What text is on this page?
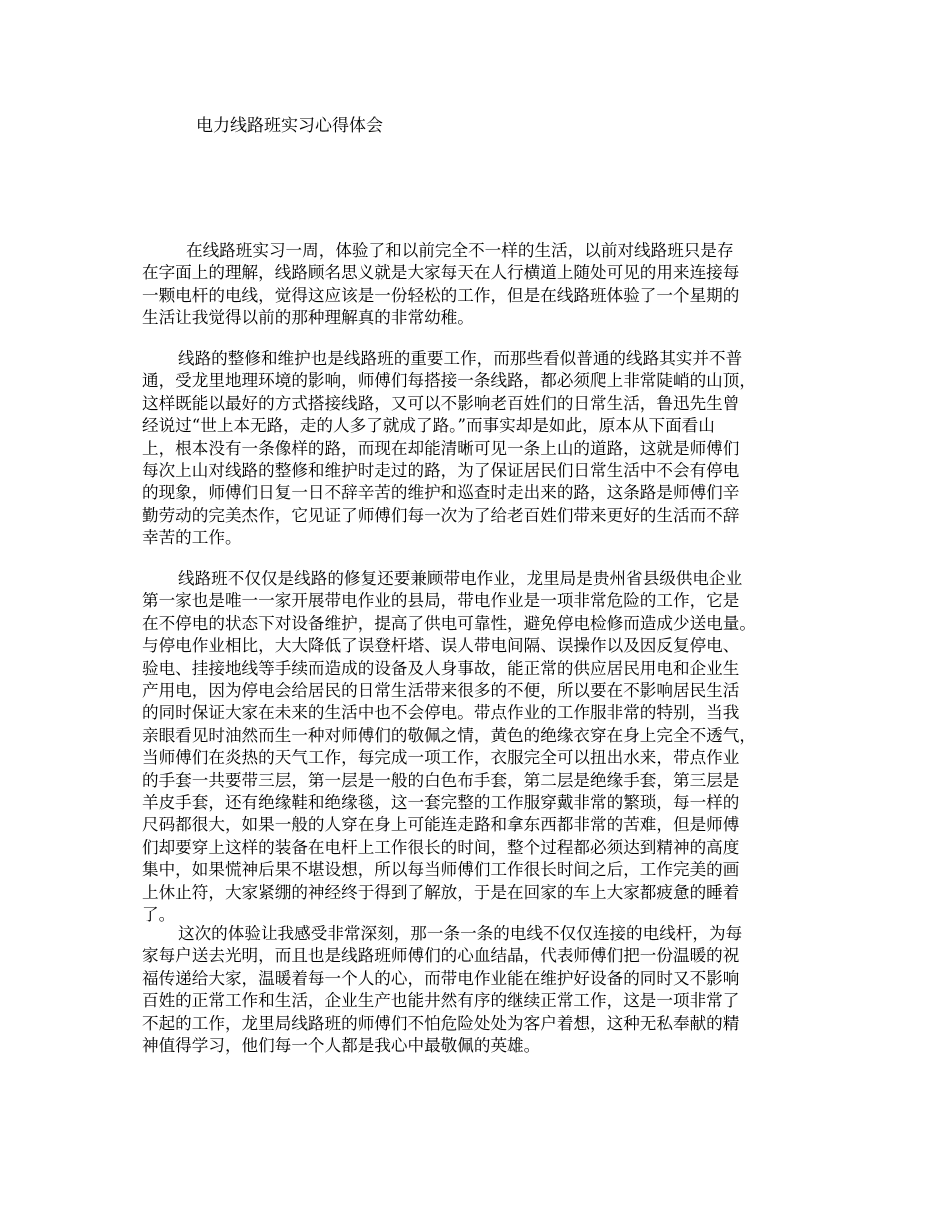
电力线路班实习心得体会

在线路班实习一周，体验了和以前完全不一样的生活，以前对线路班只是存
在字面上的理解，线路顾名思义就是大家每天在人行横道上随处可见的用来连接每
一颗电杆的电线，觉得这应该是一份轻松的工作，但是在线路班体验了一个星期的
生活让我觉得以前的那种理解真的非常幼稚。

线路的整修和维护也是线路班的重要工作，而那些看似普通的线路其实并不普
通，受龙里地理环境的影响，师傅们每搭接一条线路，都必须爬上非常陡峭的山顶，
这样既能以最好的方式搭接线路，又可以不影响老百姓们的日常生活，鲁迅先生曾
经说过“世上本无路，走的人多了就成了路。”而事实却是如此，原本从下面看山
上，根本没有一条像样的路，而现在却能清晰可见一条上山的道路，这就是师傅们
每次上山对线路的整修和维护时走过的路，为了保证居民们日常生活中不会有停电
的现象，师傅们日复一日不辞辛苦的维护和巡查时走出来的路，这条路是师傅们辛
勤劳动的完美杰作，它见证了师傅们每一次为了给老百姓们带来更好的生活而不辞
幸苦的工作。

线路班不仅仅是线路的修复还要兼顾带电作业，龙里局是贵州省县级供电企业
第一家也是唯一一家开展带电作业的县局，带电作业是一项非常危险的工作，它是
在不停电的状态下对设备维护，提高了供电可靠性，避免停电检修而造成少送电量。
与停电作业相比，大大降低了误登杆塔、误人带电间隔、误操作以及因反复停电、
验电、挂接地线等手续而造成的设备及人身事故，能正常的供应居民用电和企业生
产用电，因为停电会给居民的日常生活带来很多的不便，所以要在不影响居民生活
的同时保证大家在未来的生活中也不会停电。带点作业的工作服非常的特别，当我
亲眼看见时油然而生一种对师傅们的敬佩之情，黄色的绝缘衣穿在身上完全不透气，
当师傅们在炎热的天气工作，每完成一项工作，衣服完全可以扭出水来，带点作业
的手套一共要带三层，第一层是一般的白色布手套，第二层是绝缘手套，第三层是
羊皮手套，还有绝缘鞋和绝缘毯，这一套完整的工作服穿戴非常的繁琐，每一样的
尺码都很大，如果一般的人穿在身上可能连走路和拿东西都非常的苦难，但是师傅
们却要穿上这样的装备在电杆上工作很长的时间，整个过程都必须达到精神的高度
集中，如果慌神后果不堪设想，所以每当师傅们工作很长时间之后，工作完美的画
上休止符，大家紧绷的神经终于得到了解放，于是在回家的车上大家都疲惫的睡着
了。

这次的体验让我感受非常深刻，那一条一条的电线不仅仅连接的电线杆，为每
家每户送去光明，而且也是线路班师傅们的心血结晶，代表师傅们把一份温暖的祝
福传递给大家，温暖着每一个人的心，而带电作业能在维护好设备的同时又不影响
百姓的正常工作和生活，企业生产也能井然有序的继续正常工作，这是一项非常了
不起的工作，龙里局线路班的师傅们不怕危险处处为客户着想，这种无私奉献的精
神值得学习，他们每一个人都是我心中最敬佩的英雄。
